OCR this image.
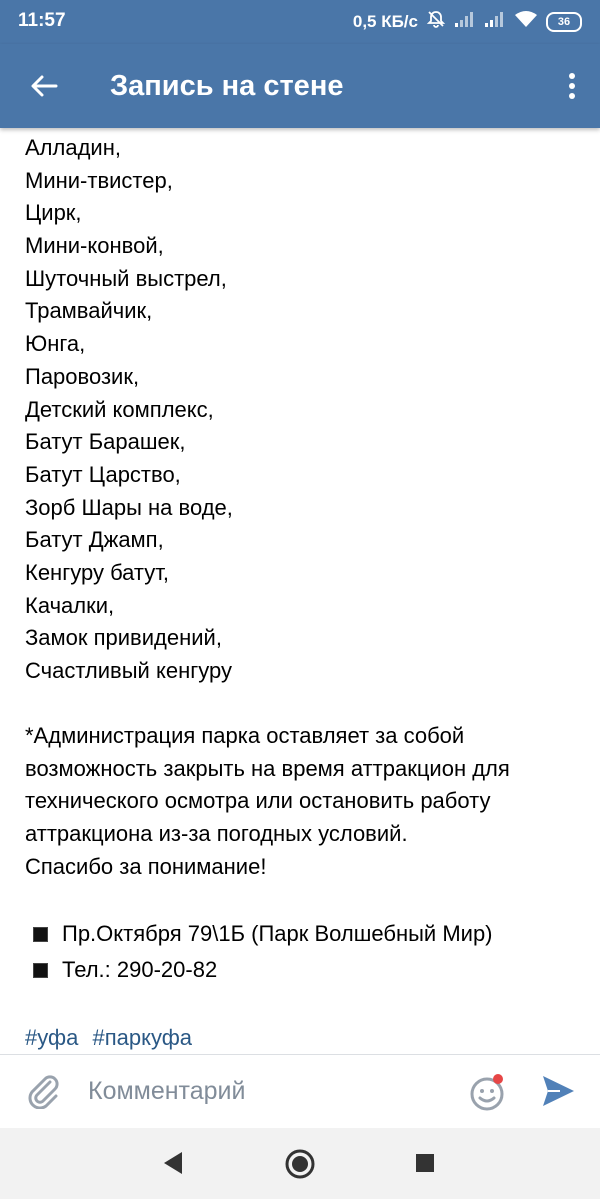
11:57	0,5 КБ/с	36
Запись на стене
Алладин,
Мини-твистер,
Цирк,
Мини-конвой,
Шуточный выстрел,
Трамвайчик,
Юнга,
Паровозик,
Детский комплекс,
Батут Барашек,
Батут Царство,
Зорб Шары на воде,
Батут Джамп,
Кенгуру батут,
Качалки,
Замок привидений,
Счастливый кенгуру
*Администрация парка оставляет за собой
возможность закрыть на время аттракцион для
технического осмотра или остановить работу
аттракциона из-за погодных условий.
Спасибо за понимание!
Пр.Октября 79\1Б (Парк Волшебный Мир)
Тел.: 290-20-82
#уфа #паркуфа
Комментарий
